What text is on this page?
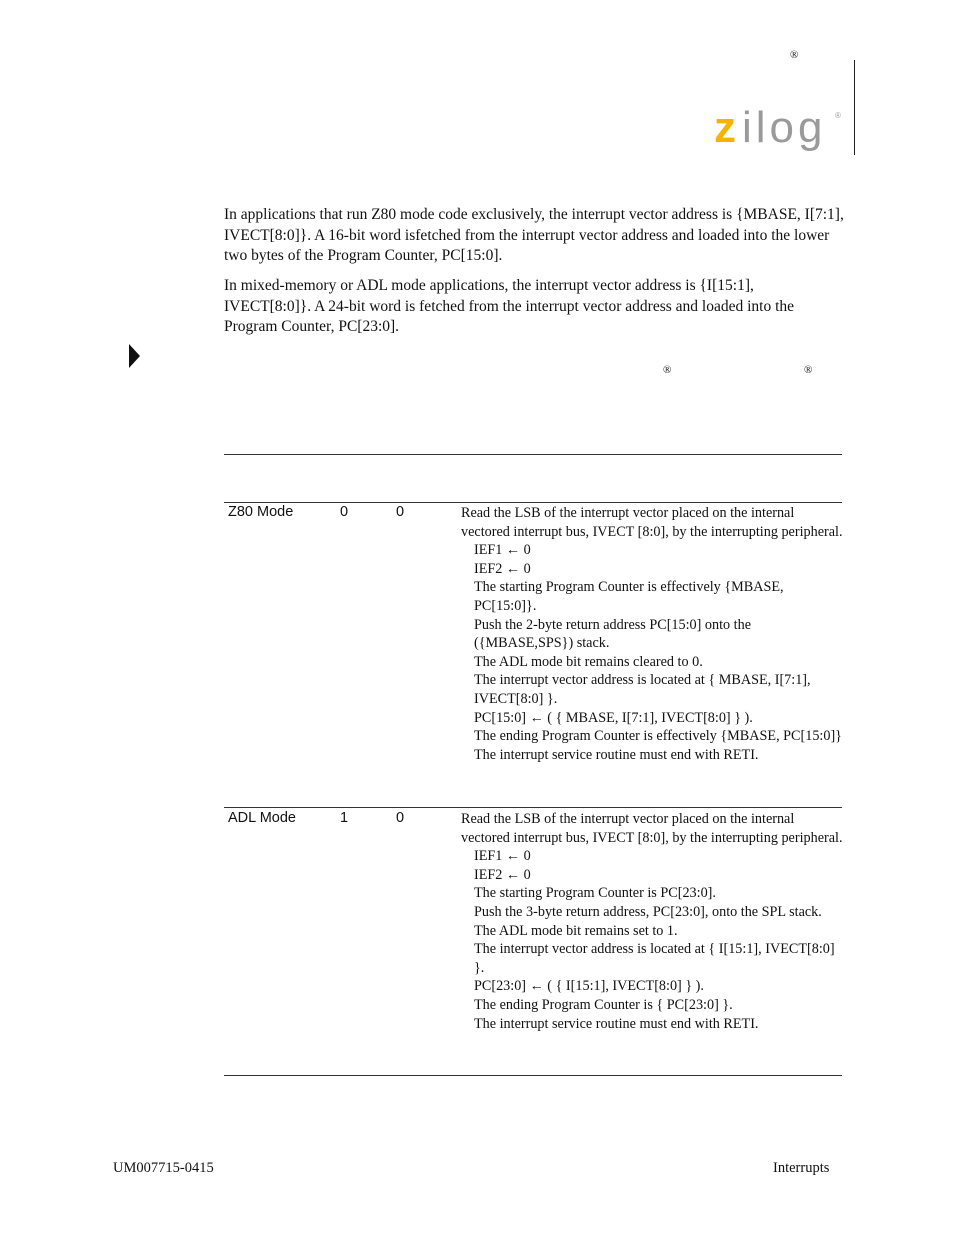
®
z ilog ®

In applications that run Z80 mode code exclusively, the interrupt vector address is {MBASE, I[7:1], IVECT[8:0]}. A 16-bit word isfetched from the interrupt vector address and loaded into the lower two bytes of the Program Counter, PC[15:0].

In mixed-memory or ADL mode applications, the interrupt vector address is {I[15:1], IVECT[8:0]}. A 24-bit word is fetched from the interrupt vector address and loaded into the Program Counter, PC[23:0].

®	®
Z80 Mode	0	0	Read the LSB of the interrupt vector placed on the internal vectored interrupt bus, IVECT [8:0], by the interrupting peripheral.
IEF1 ← 0
IEF2 ← 0
The starting Program Counter is effectively {MBASE, PC[15:0]}.
Push the 2-byte return address PC[15:0] onto the ({MBASE,SPS}) stack.
The ADL mode bit remains cleared to 0.
The interrupt vector address is located at { MBASE, I[7:1], IVECT[8:0] }.
PC[15:0] ← ( { MBASE, I[7:1], IVECT[8:0] } ).
The ending Program Counter is effectively {MBASE, PC[15:0]}
The interrupt service routine must end with RETI.
ADL Mode	1	0	Read the LSB of the interrupt vector placed on the internal vectored interrupt bus, IVECT [8:0], by the interrupting peripheral.
IEF1 ← 0
IEF2 ← 0
The starting Program Counter is PC[23:0].
Push the 3-byte return address, PC[23:0], onto the SPL stack.
The ADL mode bit remains set to 1.
The interrupt vector address is located at { I[15:1], IVECT[8:0] }.
PC[23:0] ← ( { I[15:1], IVECT[8:0] } ).
The ending Program Counter is { PC[23:0] }.
The interrupt service routine must end with RETI.
UM007715-0415	Interrupts
